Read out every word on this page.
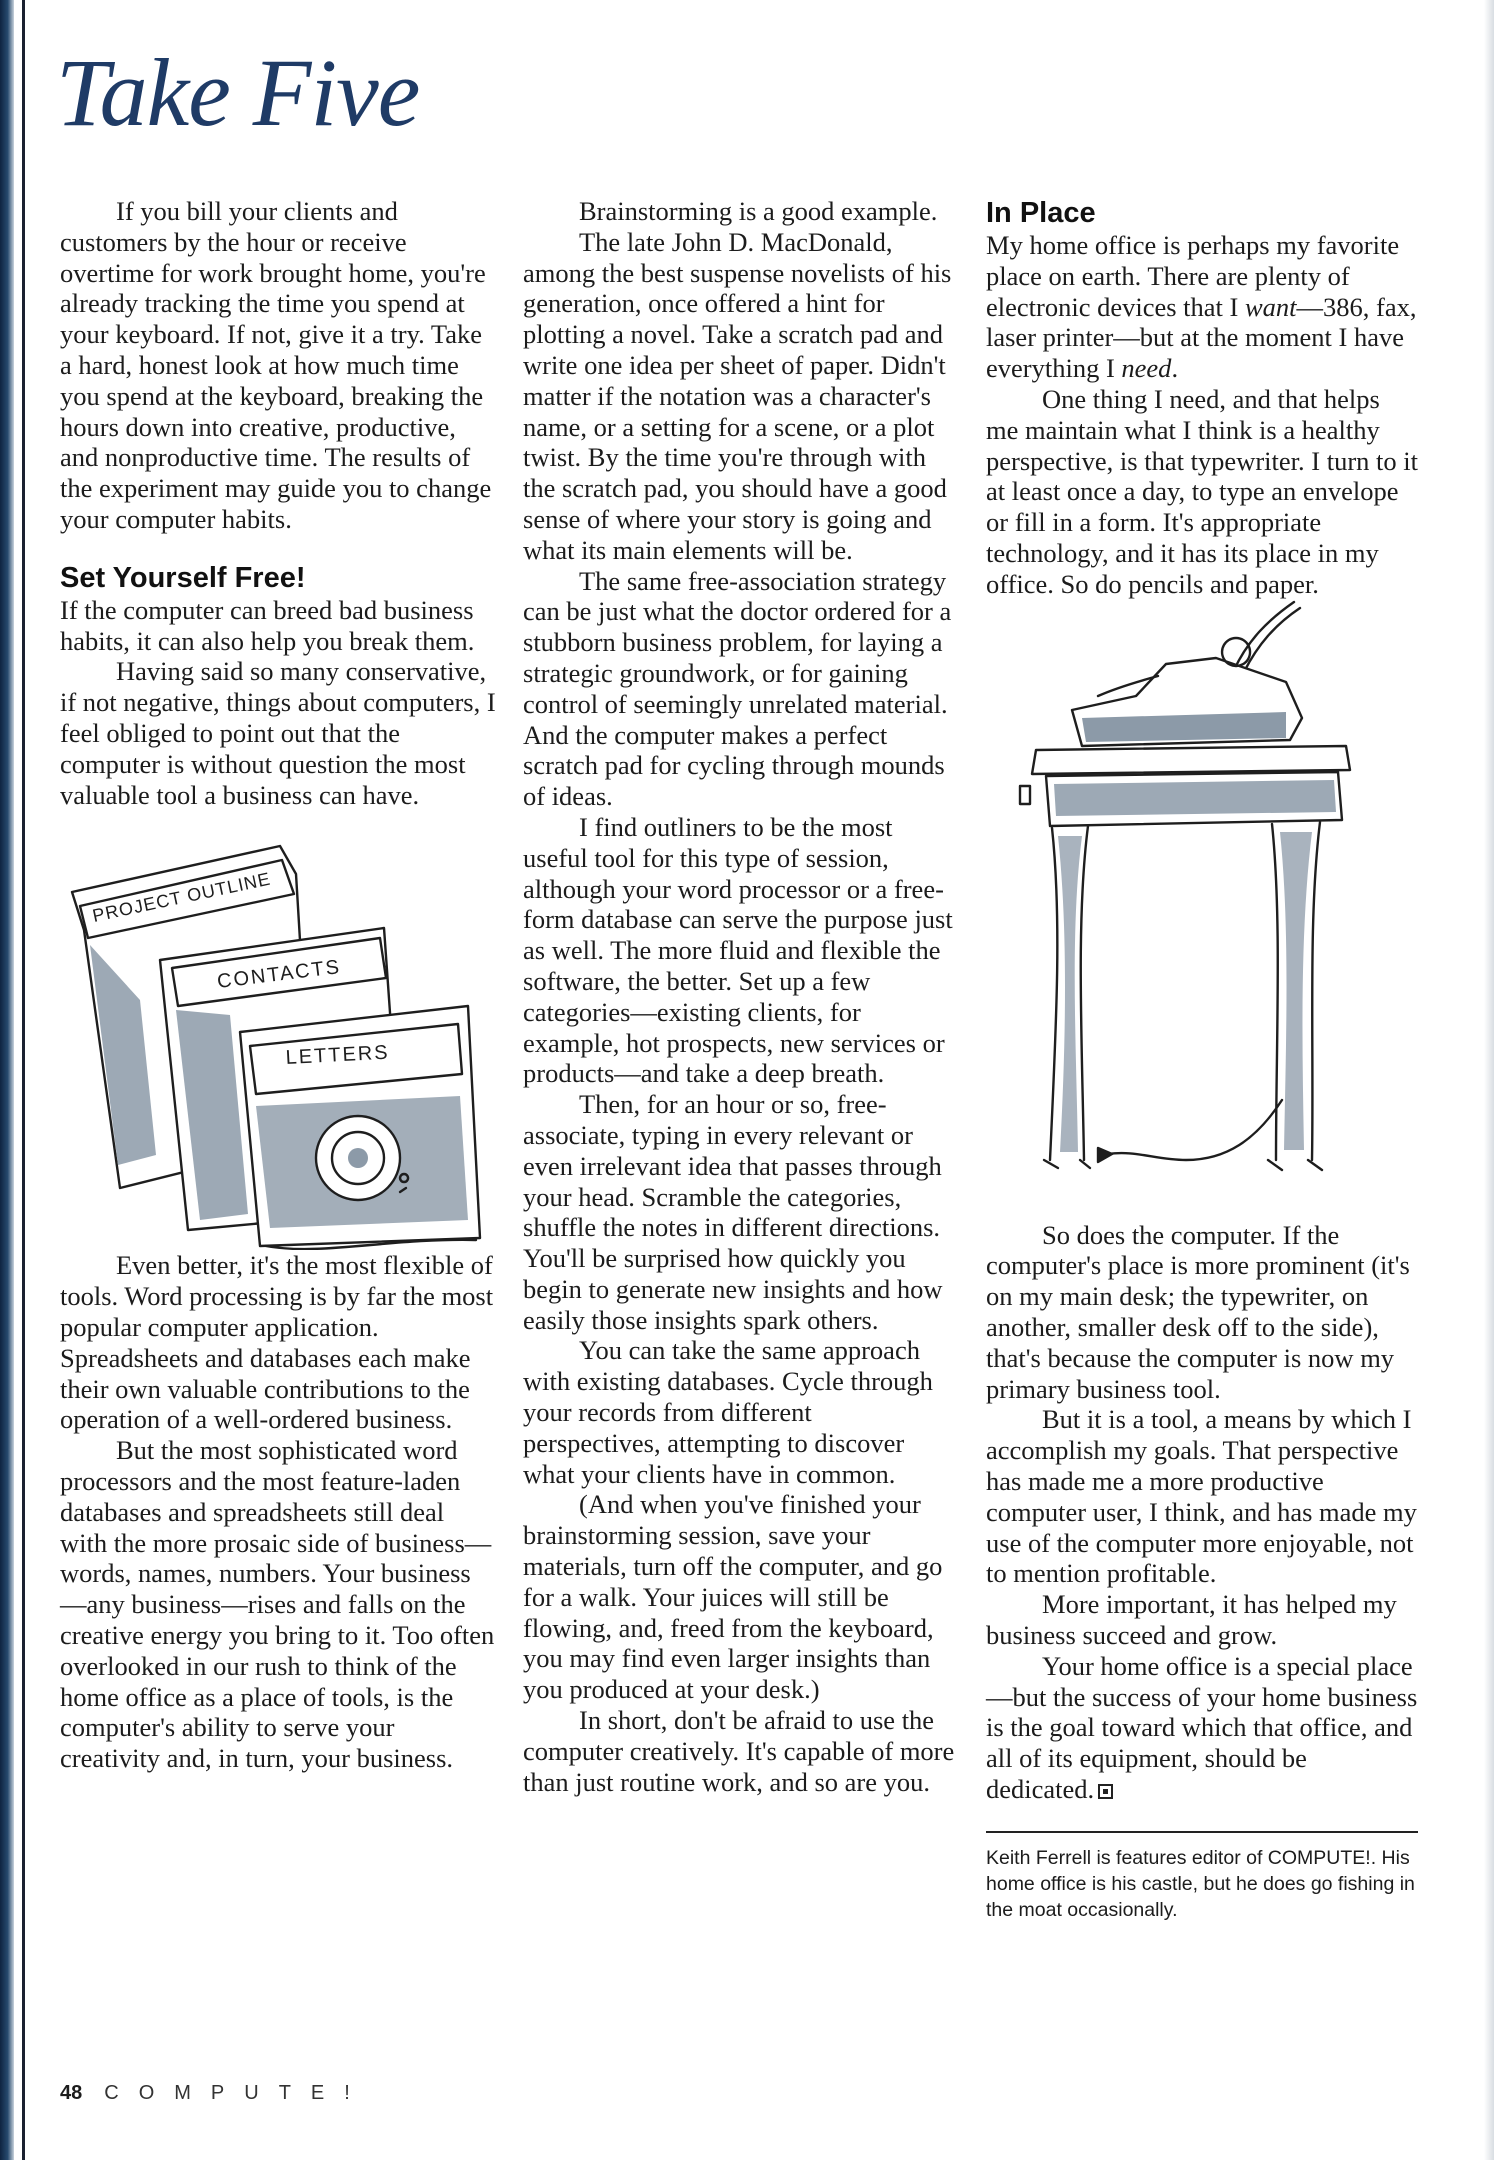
Take Five

If you bill your clients and customers by the hour or receive overtime for work brought home, you're already tracking the time you spend at your keyboard. If not, give it a try. Take a hard, honest look at how much time you spend at the keyboard, breaking the hours down into creative, productive, and nonproductive time. The results of the experiment may guide you to change your computer habits.

Set Yourself Free!

If the computer can breed bad business habits, it can also help you break them.

Having said so many conservative, if not negative, things about computers, I feel obliged to point out that the computer is without question the most valuable tool a business can have.

PROJECT OUTLINE
CONTACTS
LETTERS

Even better, it's the most flexible of tools. Word processing is by far the most popular computer application. Spreadsheets and databases each make their own valuable contributions to the operation of a well-ordered business.

But the most sophisticated word processors and the most feature-laden databases and spreadsheets still deal with the more prosaic side of business—words, names, numbers. Your business—any business—rises and falls on the creative energy you bring to it. Too often overlooked in our rush to think of the home office as a place of tools, is the computer's ability to serve your creativity and, in turn, your business.

Brainstorming is a good example.

The late John D. MacDonald, among the best suspense novelists of his generation, once offered a hint for plotting a novel. Take a scratch pad and write one idea per sheet of paper. Didn't matter if the notation was a character's name, or a setting for a scene, or a plot twist. By the time you're through with the scratch pad, you should have a good sense of where your story is going and what its main elements will be.

The same free-association strategy can be just what the doctor ordered for a stubborn business problem, for laying a strategic groundwork, or for gaining control of seemingly unrelated material. And the computer makes a perfect scratch pad for cycling through mounds of ideas.

I find outliners to be the most useful tool for this type of session, although your word processor or a free-form database can serve the purpose just as well. The more fluid and flexible the software, the better. Set up a few categories—existing clients, for example, hot prospects, new services or products—and take a deep breath.

Then, for an hour or so, free-associate, typing in every relevant or even irrelevant idea that passes through your head. Scramble the categories, shuffle the notes in different directions. You'll be surprised how quickly you begin to generate new insights and how easily those insights spark others.

You can take the same approach with existing databases. Cycle through your records from different perspectives, attempting to discover what your clients have in common.

(And when you've finished your brainstorming session, save your materials, turn off the computer, and go for a walk. Your juices will still be flowing, and, freed from the keyboard, you may find even larger insights than you produced at your desk.)

In short, don't be afraid to use the computer creatively. It's capable of more than just routine work, and so are you.

In Place

My home office is perhaps my favorite place on earth. There are plenty of electronic devices that I want—386, fax, laser printer—but at the moment I have everything I need.

One thing I need, and that helps me maintain what I think is a healthy perspective, is that typewriter. I turn to it at least once a day, to type an envelope or fill in a form. It's appropriate technology, and it has its place in my office. So do pencils and paper.

So does the computer. If the computer's place is more prominent (it's on my main desk; the typewriter, on another, smaller desk off to the side), that's because the computer is now my primary business tool.

But it is a tool, a means by which I accomplish my goals. That perspective has made me a more productive computer user, I think, and has made my use of the computer more enjoyable, not to mention profitable.

More important, it has helped my business succeed and grow.

Your home office is a special place—but the success of your home business is the goal toward which that office, and all of its equipment, should be dedicated.

Keith Ferrell is features editor of COMPUTE!. His home office is his castle, but he does go fishing in the moat occasionally.
48 COMPUTE!
